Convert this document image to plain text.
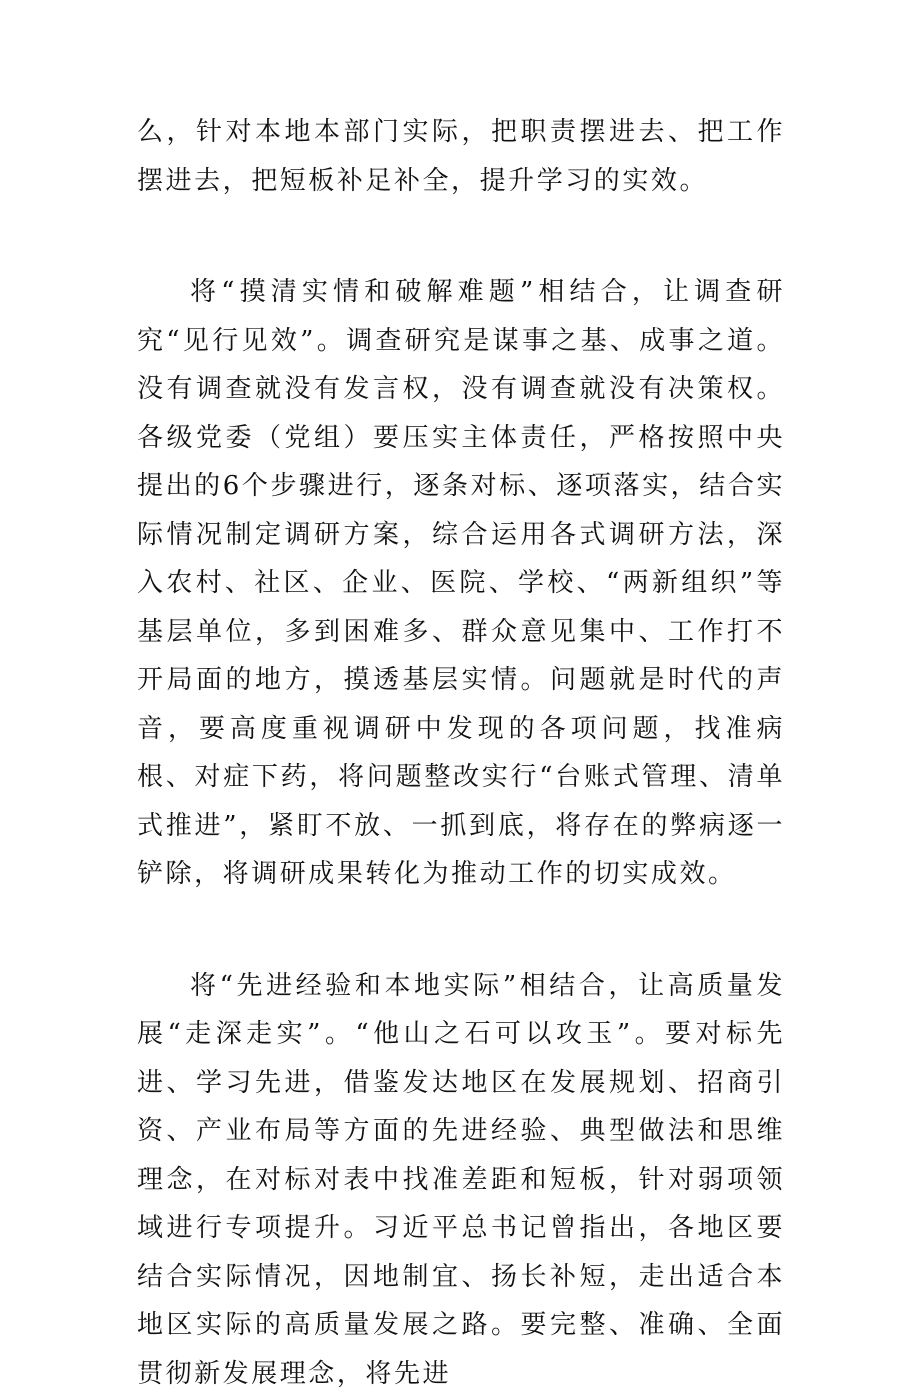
么，针对本地本部门实际，把职责摆进去、把工作摆进去，把短板补足补全，提升学习的实效。

将“摸清实情和破解难题”相结合，让调查研究“见行见效”。调查研究是谋事之基、成事之道。没有调查就没有发言权，没有调查就没有决策权。各级党委（党组）要压实主体责任，严格按照中央提出的6个步骤进行，逐条对标、逐项落实，结合实际情况制定调研方案，综合运用各式调研方法，深入农村、社区、企业、医院、学校、“两新组织”等基层单位，多到困难多、群众意见集中、工作打不开局面的地方，摸透基层实情。问题就是时代的声音，要高度重视调研中发现的各项问题，找准病根、对症下药，将问题整改实行“台账式管理、清单式推进”，紧盯不放、一抓到底，将存在的弊病逐一铲除，将调研成果转化为推动工作的切实成效。

将“先进经验和本地实际”相结合，让高质量发展“走深走实”。“他山之石可以攻玉”。要对标先进、学习先进，借鉴发达地区在发展规划、招商引资、产业布局等方面的先进经验、典型做法和思维理念，在对标对表中找准差距和短板，针对弱项领域进行专项提升。习近平总书记曾指出，各地区要结合实际情况，因地制宜、扬长补短，走出适合本地区实际的高质量发展之路。要完整、准确、全面贯彻新发展理念，将先进
